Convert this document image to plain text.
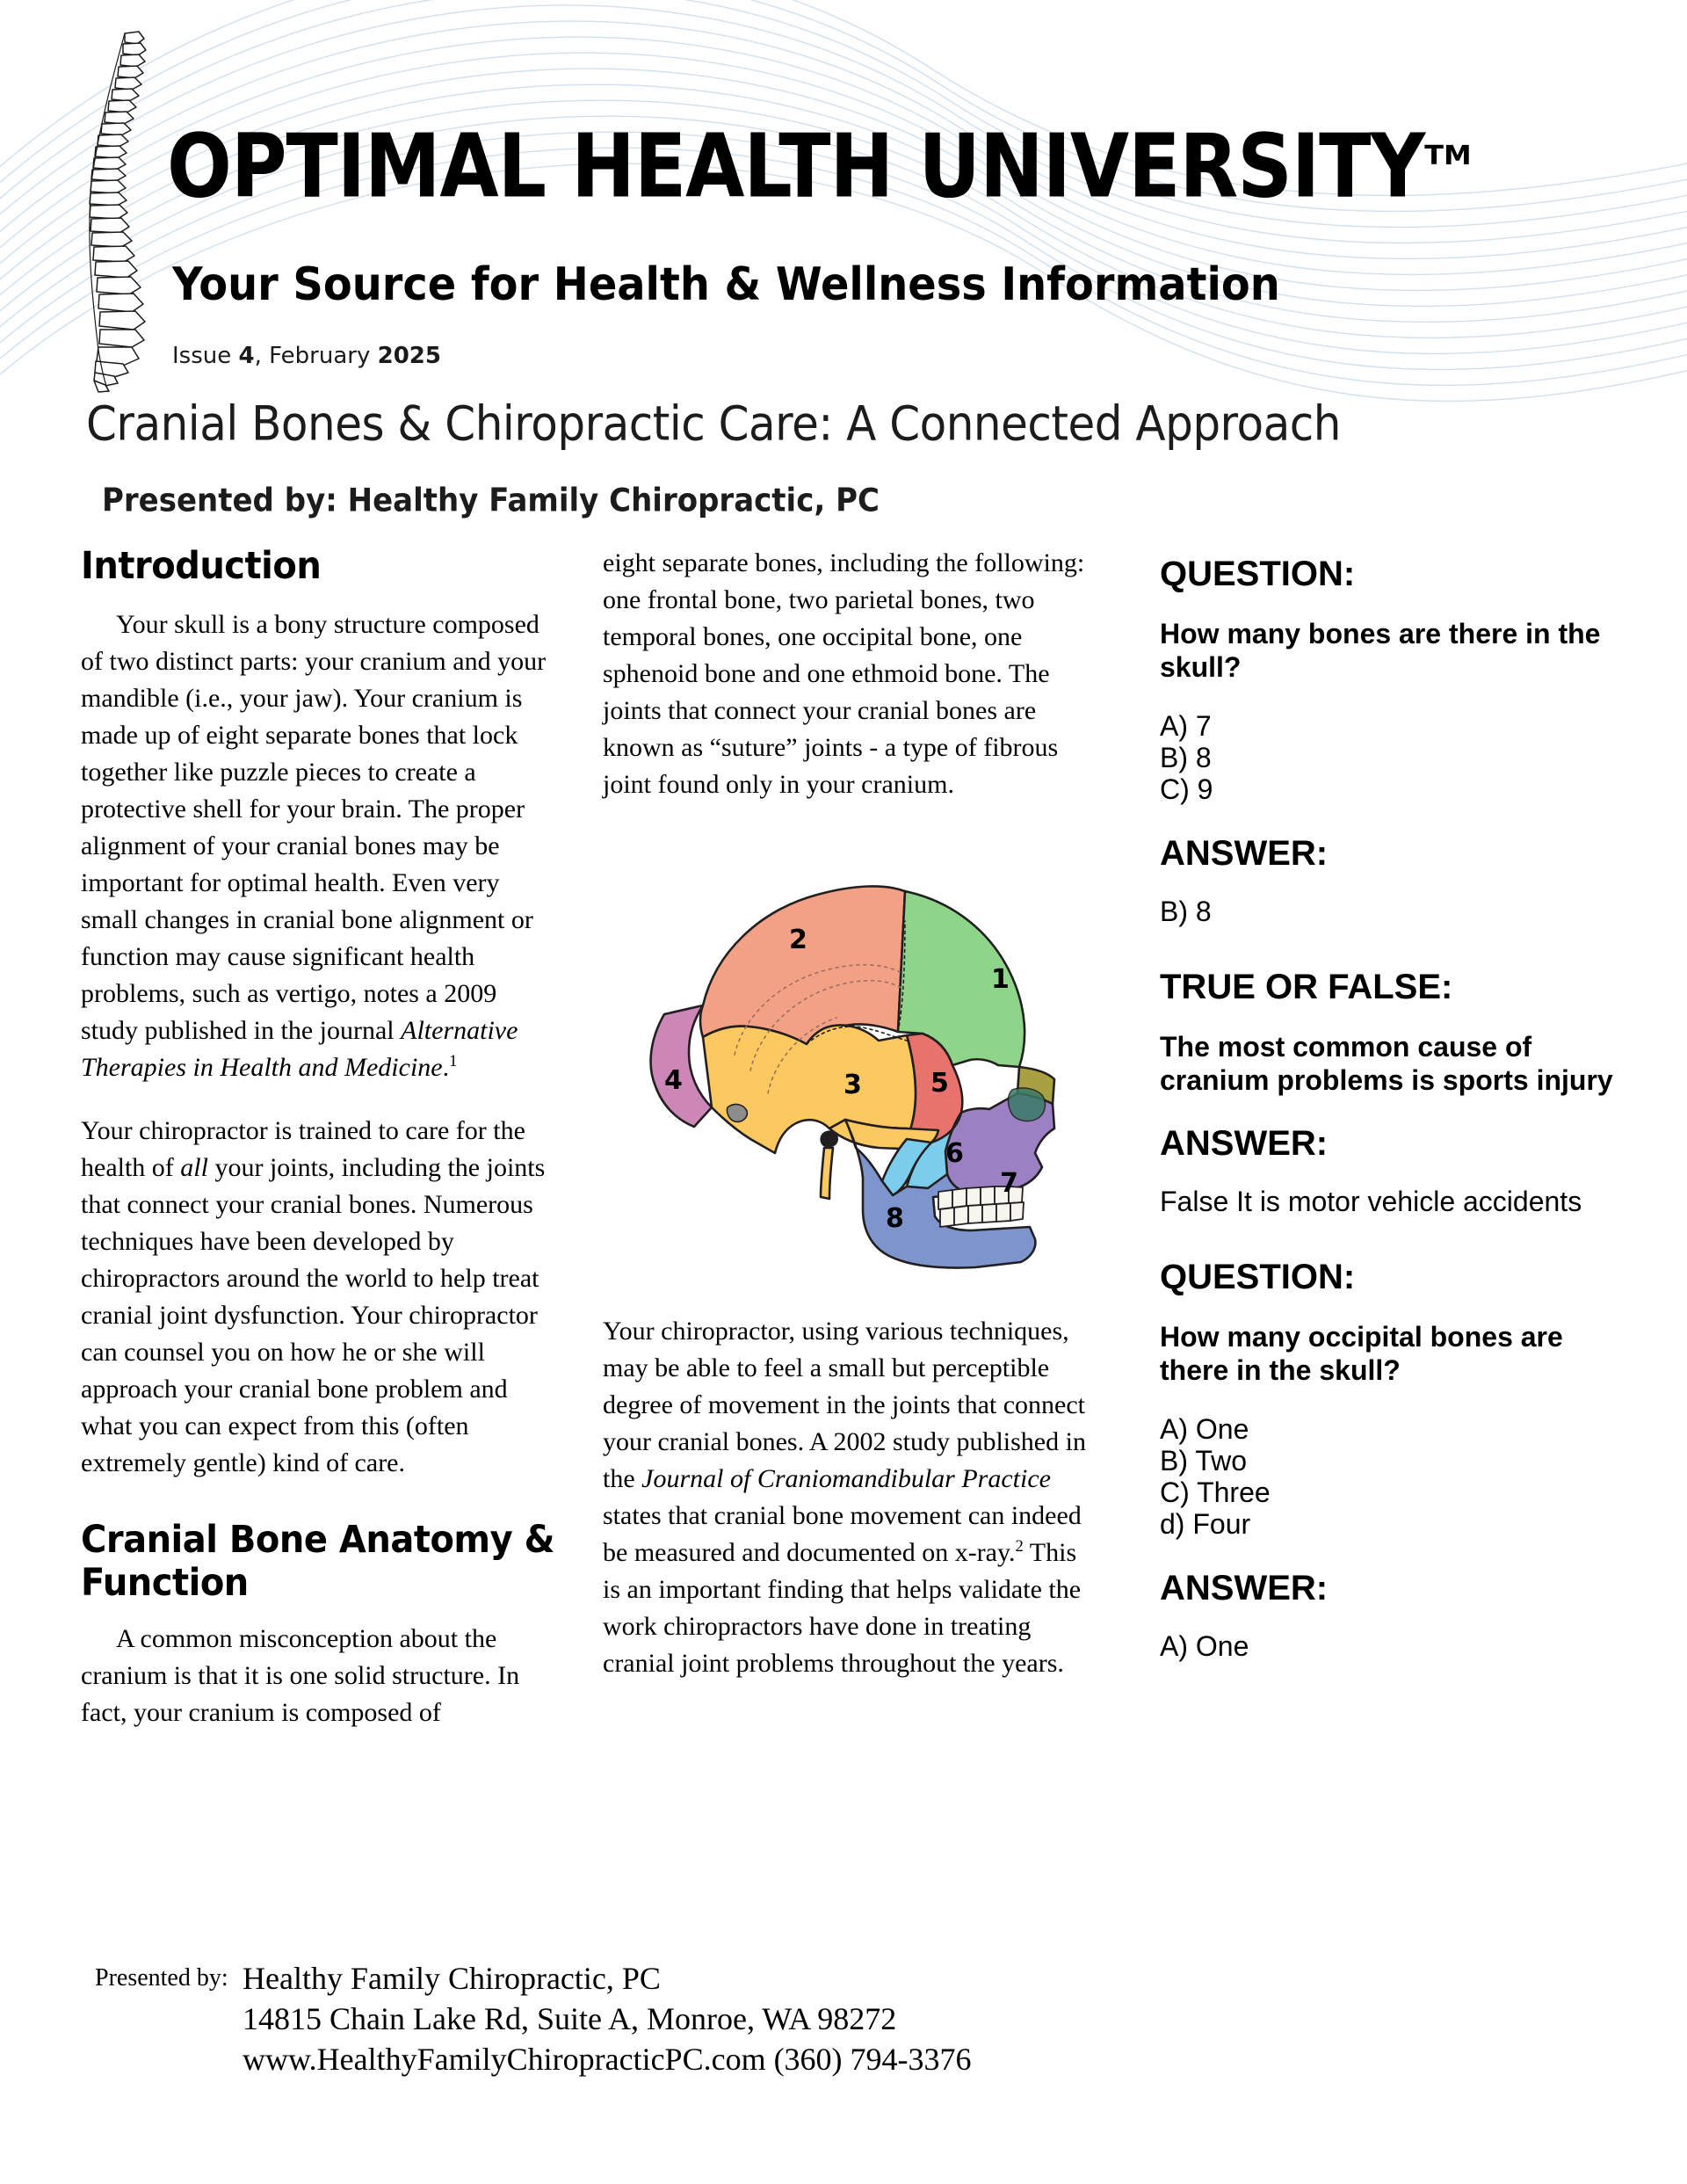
OPTIMAL HEALTH UNIVERSITYTM
Your Source for Health & Wellness Information
Issue 4, February 2025
Cranial Bones & Chiropractic Care: A Connected Approach
Presented by: Healthy Family Chiropractic, PC
Introduction

Your skull is a bony structure composed of two distinct parts: your cranium and your mandible (i.e., your jaw). Your cranium is made up of eight separate bones that lock together like puzzle pieces to create a protective shell for your brain. The proper alignment of your cranial bones may be important for optimal health. Even very small changes in cranial bone alignment or function may cause significant health problems, such as vertigo, notes a 2009 study published in the journal Alternative Therapies in Health and Medicine.$^1$

Your chiropractor is trained to care for the health of all your joints, including the joints that connect your cranial bones. Numerous techniques have been developed by chiropractors around the world to help treat cranial joint dysfunction. Your chiropractor can counsel you on how he or she will approach your cranial bone problem and what you can expect from this (often extremely gentle) kind of care.

Cranial Bone Anatomy & Function

A common misconception about the cranium is that it is one solid structure. In fact, your cranium is composed of

eight separate bones, including the following: one frontal bone, two parietal bones, two temporal bones, one occipital bone, one sphenoid bone and one ethmoid bone. The joints that connect your cranial bones are known as “suture” joints - a type of fibrous joint found only in your cranium.

1
2
3
4	5
6
7
8

Your chiropractor, using various techniques, may be able to feel a small but perceptible degree of movement in the joints that connect your cranial bones. A 2002 study published in the Journal of Craniomandibular Practice states that cranial bone movement can indeed be measured and documented on x-ray.$^2$ This is an important finding that helps validate the work chiropractors have done in treating cranial joint problems throughout the years.

QUESTION:
How many bones are there in the skull?
A) 7
B) 8
C) 9
ANSWER:
B) 8
TRUE OR FALSE:
The most common cause of cranium problems is sports injury
ANSWER:
False It is motor vehicle accidents
QUESTION:
How many occipital bones are there in the skull?
A) One
B) Two
C) Three
d) Four
ANSWER:
A) One
Presented by: Healthy Family Chiropractic, PC
14815 Chain Lake Rd, Suite A, Monroe, WA 98272
www.HealthyFamilyChiropracticPC.com (360) 794-3376
